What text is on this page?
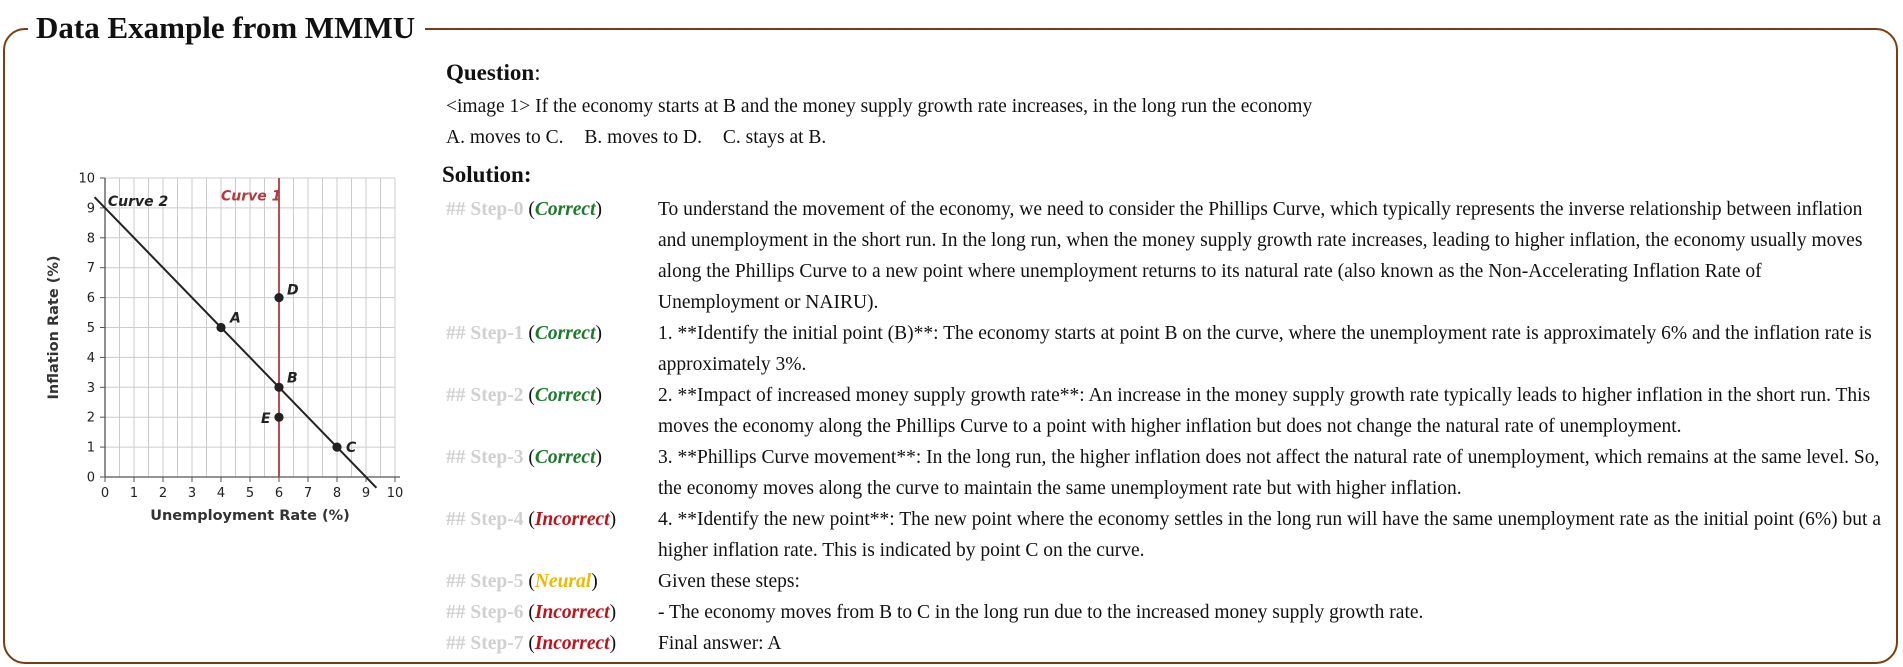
Data Example from MMMU
0 1 2 3 4 5 6 7 8 9 10
0
1
2
3
4
5
6
7
8
9
10
Unemployment Rate (%)
Inflation Rate (%)
Curve 2	Curve 1
A
B
C
D
E
Question:
<image 1> If the economy starts at B and the money supply growth rate increases, in the long run the economy
A. moves to C. B. moves to D. C. stays at B.
Solution:
## Step-0 (Correct)	To understand the movement of the economy, we need to consider the Phillips Curve, which typically represents the inverse relationship between inflation and unemployment in the short run. In the long run, when the money supply growth rate increases, leading to higher inflation, the economy usually moves along the Phillips Curve to a new point where unemployment returns to its natural rate (also known as the Non-Accelerating Inflation Rate of Unemployment or NAIRU).
## Step-1 (Correct)	1. **Identify the initial point (B)**: The economy starts at point B on the curve, where the unemployment rate is approximately 6% and the inflation rate is approximately 3%.
## Step-2 (Correct)	2. **Impact of increased money supply growth rate**: An increase in the money supply growth rate typically leads to higher inflation in the short run. This moves the economy along the Phillips Curve to a point with higher inflation but does not change the natural rate of unemployment.
## Step-3 (Correct)	3. **Phillips Curve movement**: In the long run, the higher inflation does not affect the natural rate of unemployment, which remains at the same level. So, the economy moves along the curve to maintain the same unemployment rate but with higher inflation.
## Step-4 (Incorrect)	4. **Identify the new point**: The new point where the economy settles in the long run will have the same unemployment rate as the initial point (6%) but a higher inflation rate. This is indicated by point C on the curve.
## Step-5 (Neural)	Given these steps:
## Step-6 (Incorrect)	- The economy moves from B to C in the long run due to the increased money supply growth rate.
## Step-7 (Incorrect)	Final answer: A
